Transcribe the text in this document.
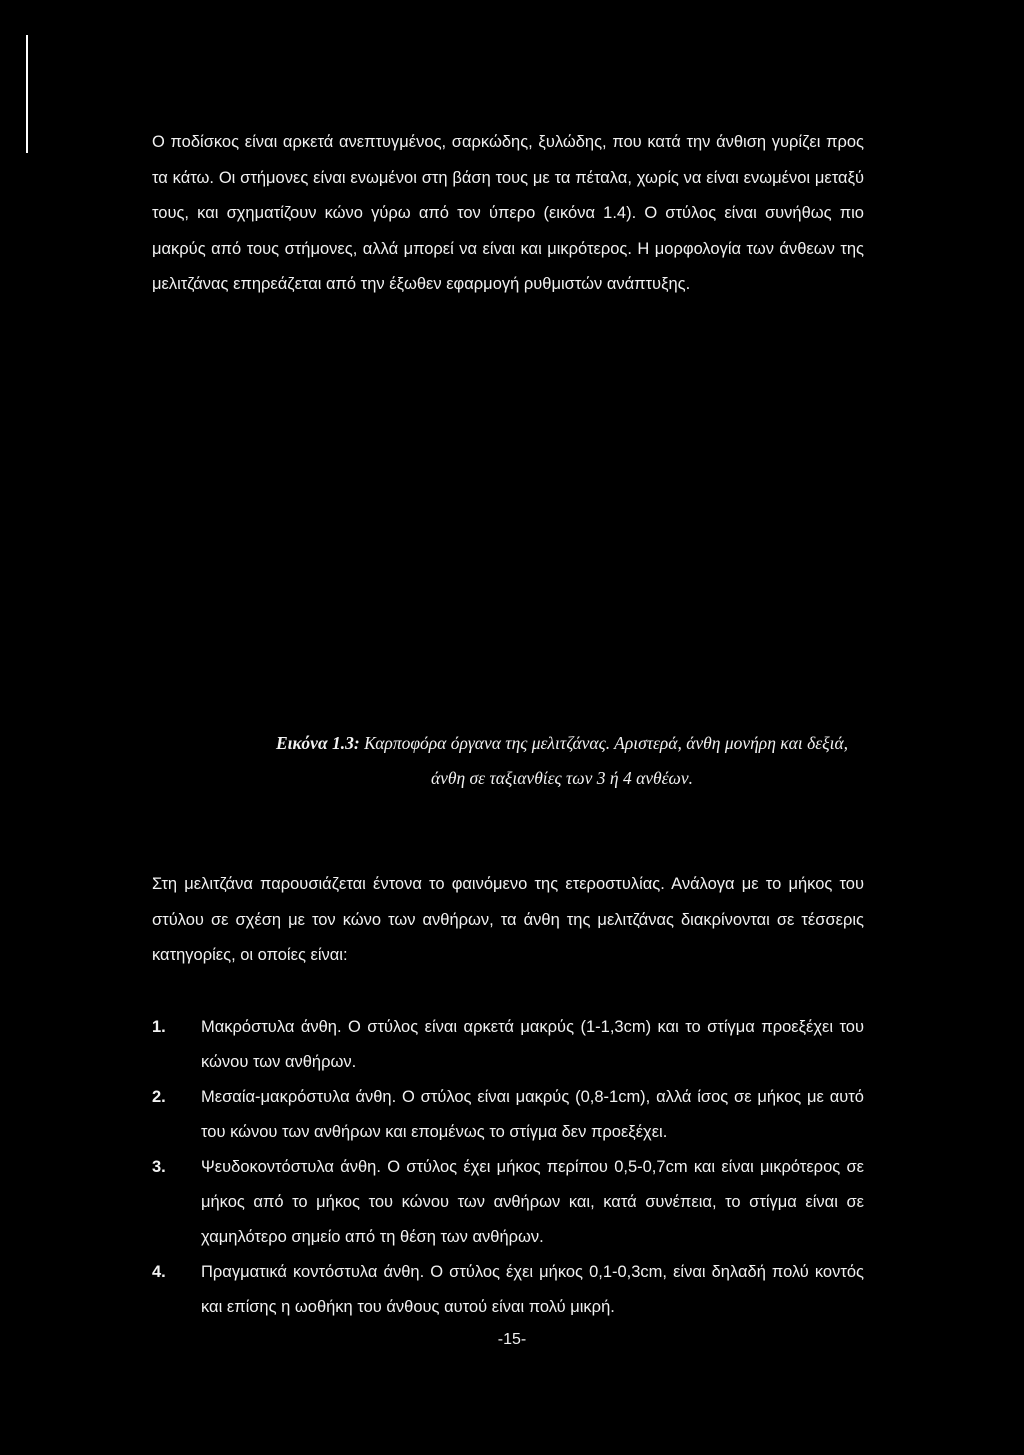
Ο ποδίσκος είναι αρκετά ανεπτυγμένος, σαρκώδης, ξυλώδης, που κατά την άνθιση γυρίζει προς τα κάτω. Οι στήμονες είναι ενωμένοι στη βάση τους με τα πέταλα, χωρίς να είναι ενωμένοι μεταξύ τους, και σχηματίζουν κώνο γύρω από τον ύπερο (εικόνα 1.4). Ο στύλος είναι συνήθως πιο μακρύς από τους στήμονες, αλλά μπορεί να είναι και μικρότερος. Η μορφολογία των άνθεων της μελιτζάνας επηρεάζεται από την έξωθεν εφαρμογή ρυθμιστών ανάπτυξης.

Εικόνα 1.3: Καρποφόρα όργανα της μελιτζάνας. Αριστερά, άνθη μονήρη και δεξιά, άνθη σε ταξιανθίες των 3 ή 4 ανθέων.

Στη μελιτζάνα παρουσιάζεται έντονα το φαινόμενο της ετεροστυλίας. Ανάλογα με το μήκος του στύλου σε σχέση με τον κώνο των ανθήρων, τα άνθη της μελιτζάνας διακρίνονται σε τέσσερις κατηγορίες, οι οποίες είναι:

1. Μακρόστυλα άνθη. Ο στύλος είναι αρκετά μακρύς (1-1,3cm) και το στίγμα προεξέχει του κώνου των ανθήρων.
2. Μεσαία-μακρόστυλα άνθη. Ο στύλος είναι μακρύς (0,8-1cm), αλλά ίσος σε μήκος με αυτό του κώνου των ανθήρων και επομένως το στίγμα δεν προεξέχει.
3. Ψευδοκοντόστυλα άνθη. Ο στύλος έχει μήκος περίπου 0,5-0,7cm και είναι μικρότερος σε μήκος από το μήκος του κώνου των ανθήρων και, κατά συνέπεια, το στίγμα είναι σε χαμηλότερο σημείο από τη θέση των ανθήρων.
4. Πραγματικά κοντόστυλα άνθη. Ο στύλος έχει μήκος 0,1-0,3cm, είναι δηλαδή πολύ κοντός και επίσης η ωοθήκη του άνθους αυτού είναι πολύ μικρή.
-15-
